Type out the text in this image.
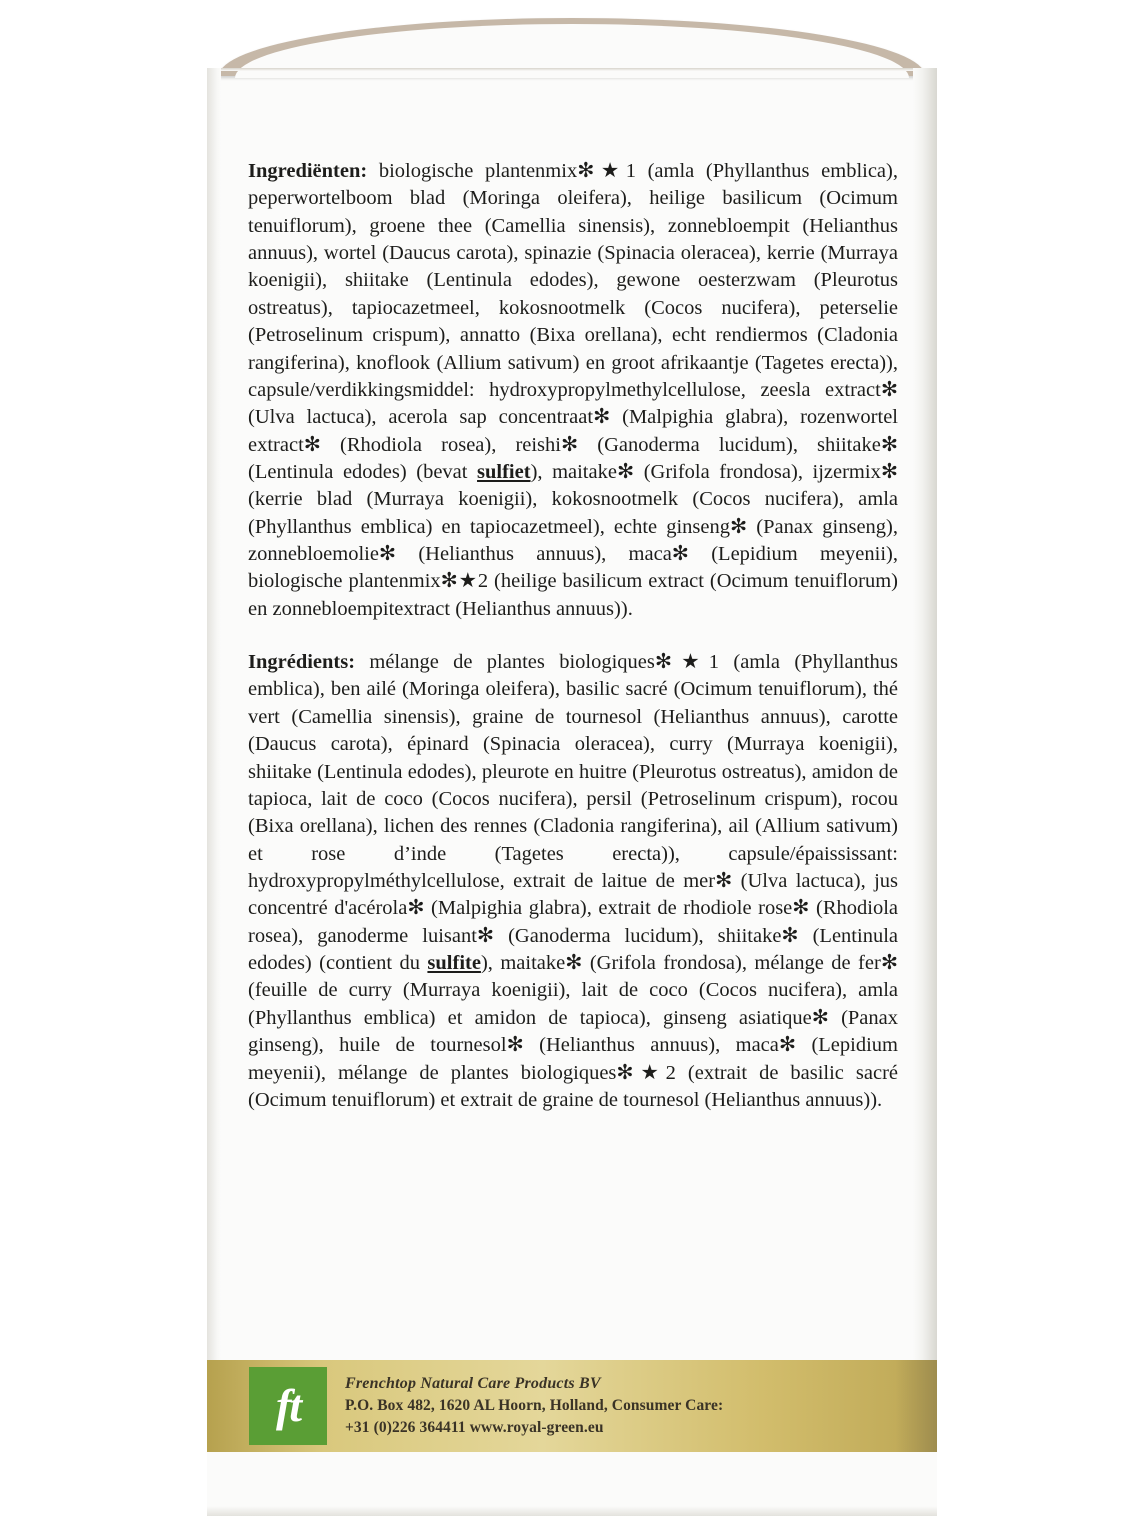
Ingrediënten: biologische plantenmix✻★1 (amla (Phyllanthus emblica), peperwortelboom blad (Moringa oleifera), heilige basilicum (Ocimum tenuiflorum), groene thee (Camellia sinensis), zonnebloempit (Helianthus annuus), wortel (Daucus carota), spinazie (Spinacia oleracea), kerrie (Murraya koenigii), shiitake (Lentinula edodes), gewone oesterzwam (Pleurotus ostreatus), tapiocazetmeel, kokosnootmelk (Cocos nucifera), peterselie (Petroselinum crispum), annatto (Bixa orellana), echt rendiermos (Cladonia rangiferina), knoflook (Allium sativum) en groot afrikaantje (Tagetes erecta)), capsule/verdikkingsmiddel: hydroxypropylmethylcellulose, zeesla extract✻ (Ulva lactuca), acerola sap concentraat✻ (Malpighia glabra), rozenwortel extract✻ (Rhodiola rosea), reishi✻ (Ganoderma lucidum), shiitake✻ (Lentinula edodes) (bevat sulfiet), maitake✻ (Grifola frondosa), ijzermix✻ (kerrie blad (Murraya koenigii), kokosnootmelk (Cocos nucifera), amla (Phyllanthus emblica) en tapiocazetmeel), echte ginseng✻ (Panax ginseng), zonnebloemolie✻ (Helianthus annuus), maca✻ (Lepidium meyenii), biologische plantenmix✻★2 (heilige basilicum extract (Ocimum tenuiflorum) en zonnebloempitextract (Helianthus annuus)).

Ingrédients: mélange de plantes biologiques✻★1 (amla (Phyllanthus emblica), ben ailé (Moringa oleifera), basilic sacré (Ocimum tenuiflorum), thé vert (Camellia sinensis), graine de tournesol (Helianthus annuus), carotte (Daucus carota), épinard (Spinacia oleracea), curry (Murraya koenigii), shiitake (Lentinula edodes), pleurote en huitre (Pleurotus ostreatus), amidon de tapioca, lait de coco (Cocos nucifera), persil (Petroselinum crispum), rocou (Bixa orellana), lichen des rennes (Cladonia rangiferina), ail (Allium sativum) et rose d’inde (Tagetes erecta)), capsule/épaississant: hydroxypropylméthylcellulose, extrait de laitue de mer✻ (Ulva lactuca), jus concentré d'acérola✻ (Malpighia glabra), extrait de rhodiole rose✻ (Rhodiola rosea), ganoderme luisant✻ (Ganoderma lucidum), shiitake✻ (Lentinula edodes) (contient du sulfite), maitake✻ (Grifola frondosa), mélange de fer✻ (feuille de curry (Murraya koenigii), lait de coco (Cocos nucifera), amla (Phyllanthus emblica) et amidon de tapioca), ginseng asiatique✻ (Panax ginseng), huile de tournesol✻ (Helianthus annuus), maca✻ (Lepidium meyenii), mélange de plantes biologiques✻★2 (extrait de basilic sacré (Ocimum tenuiflorum) et extrait de graine de tournesol (Helianthus annuus)).

ft	Frenchtop Natural Care Products BV
P.O. Box 482, 1620 AL Hoorn, Holland, Consumer Care:
+31 (0)226 364411 www.royal-green.eu
